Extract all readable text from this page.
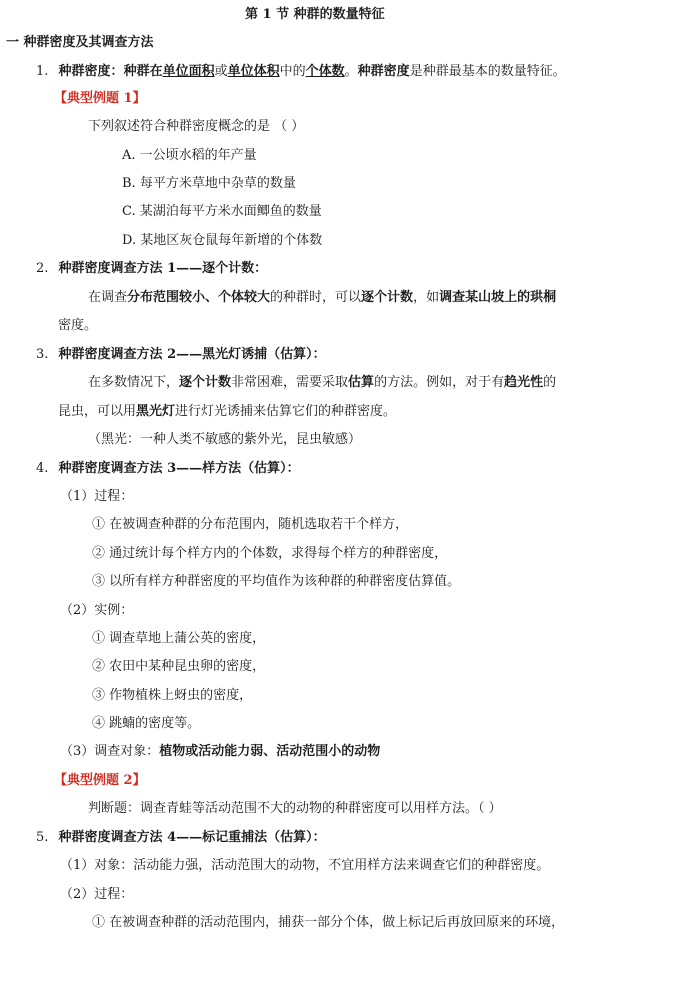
第 1 节 种群的数量特征
一 种群密度及其调查方法
1. 种群密度：种群在单位面积或单位体积中的个体数。种群密度是种群最基本的数量特征。
【典型例题 1】
下列叙述符合种群密度概念的是 （ ）
A. 一公顷水稻的年产量
B. 每平方米草地中杂草的数量
C. 某湖泊每平方米水面鲫鱼的数量
D. 某地区灰仓鼠每年新增的个体数
2. 种群密度调查方法 1——逐个计数：
在调查分布范围较小、个体较大的种群时，可以逐个计数，如调查某山坡上的珙桐
密度。
3. 种群密度调查方法 2——黑光灯诱捕（估算）：
在多数情况下，逐个计数非常困难，需要采取估算的方法。例如，对于有趋光性的
昆虫，可以用黑光灯进行灯光诱捕来估算它们的种群密度。
（黑光：一种人类不敏感的紫外光，昆虫敏感）
4. 种群密度调查方法 3——样方法（估算）：
（1）过程：
① 在被调查种群的分布范围内，随机选取若干个样方，
② 通过统计每个样方内的个体数，求得每个样方的种群密度，
③ 以所有样方种群密度的平均值作为该种群的种群密度估算值。
（2）实例：
① 调查草地上蒲公英的密度，
② 农田中某种昆虫卵的密度，
③ 作物植株上蚜虫的密度，
④ 跳蝻的密度等。
（3）调查对象：植物或活动能力弱、活动范围小的动物
【典型例题 2】
判断题：调查青蛙等活动范围不大的动物的种群密度可以用样方法。（ ）
5. 种群密度调查方法 4——标记重捕法（估算）：
（1）对象：活动能力强，活动范围大的动物，不宜用样方法来调查它们的种群密度。
（2）过程：
① 在被调查种群的活动范围内，捕获一部分个体，做上标记后再放回原来的环境，
